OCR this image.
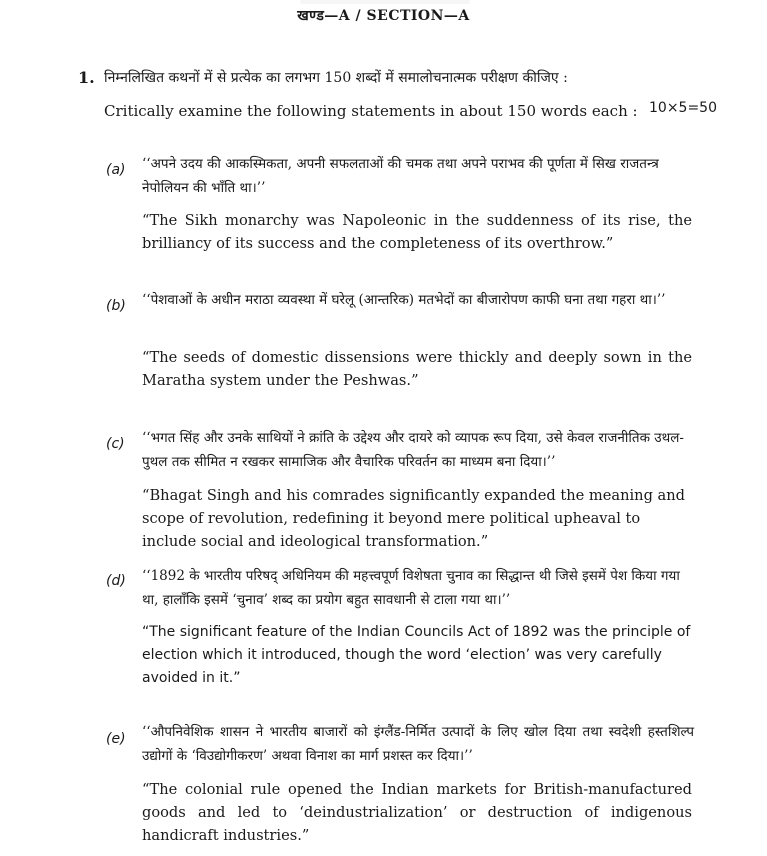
खण्ड—A / SECTION—A
1. निम्नलिखित कथनों में से प्रत्येक का लगभग 150 शब्दों में समालोचनात्मक परीक्षण कीजिए :
Critically examine the following statements in about 150 words each : 10×5=50
(a) ‘‘अपने उदय की आकस्मिकता, अपनी सफलताओं की चमक तथा अपने पराभव की पूर्णता में सिख राजतन्त्र नेपोलियन की भाँति था।’’
“The Sikh monarchy was Napoleonic in the suddenness of its rise, the brilliancy of its success and the completeness of its overthrow.”
(b) ‘‘पेशवाओं के अधीन मराठा व्यवस्था में घरेलू (आन्तरिक) मतभेदों का बीजारोपण काफी घना तथा गहरा था।’’
“The seeds of domestic dissensions were thickly and deeply sown in the Maratha system under the Peshwas.”
(c) ‘‘भगत सिंह और उनके साथियों ने क्रांति के उद्देश्य और दायरे को व्यापक रूप दिया, उसे केवल राजनीतिक उथल-पुथल तक सीमित न रखकर सामाजिक और वैचारिक परिवर्तन का माध्यम बना दिया।’’
“Bhagat Singh and his comrades significantly expanded the meaning and scope of revolution, redefining it beyond mere political upheaval to include social and ideological transformation.”
(d) ‘‘1892 के भारतीय परिषद् अधिनियम की महत्त्वपूर्ण विशेषता चुनाव का सिद्धान्त थी जिसे इसमें पेश किया गया था, हालाँकि इसमें ‘चुनाव’ शब्द का प्रयोग बहुत सावधानी से टाला गया था।’’
“The significant feature of the Indian Councils Act of 1892 was the principle of election which it introduced, though the word ‘election’ was very carefully avoided in it.”
(e) ‘‘औपनिवेशिक शासन ने भारतीय बाजारों को इंग्लैंड-निर्मित उत्पादों के लिए खोल दिया तथा स्वदेशी हस्तशिल्प उद्योगों के ‘विउद्योगीकरण’ अथवा विनाश का मार्ग प्रशस्त कर दिया।’’
“The colonial rule opened the Indian markets for British-manufactured goods and led to ‘deindustrialization’ or destruction of indigenous handicraft industries.”
